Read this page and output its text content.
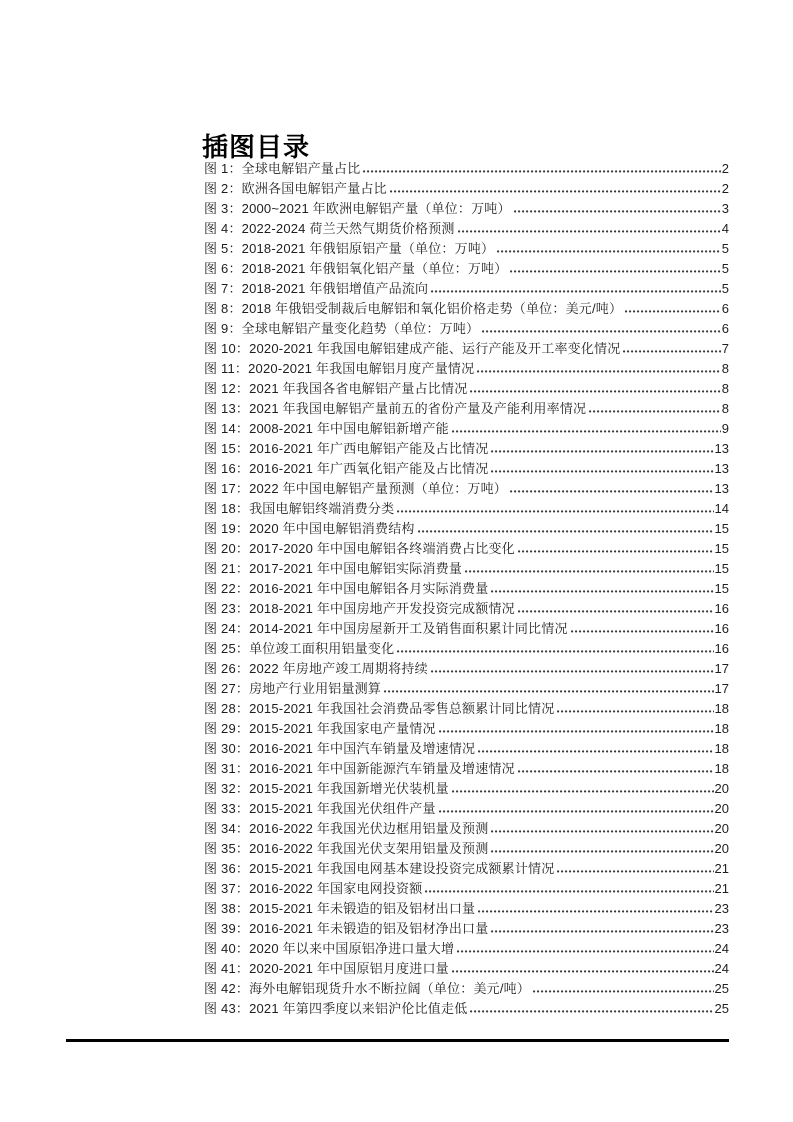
插图目录
图 1：全球电解铝产量占比	2
图 2：欧洲各国电解铝产量占比	2
图 3：2000~2021 年欧洲电解铝产量（单位：万吨）	3
图 4：2022-2024 荷兰天然气期货价格预测	4
图 5：2018-2021 年俄铝原铝产量（单位：万吨）	5
图 6：2018-2021 年俄铝氧化铝产量（单位：万吨）	5
图 7：2018-2021 年俄铝增值产品流向	5
图 8：2018 年俄铝受制裁后电解铝和氧化铝价格走势（单位：美元/吨）	6
图 9：全球电解铝产量变化趋势（单位：万吨）	6
图 10：2020-2021 年我国电解铝建成产能、运行产能及开工率变化情况	7
图 11：2020-2021 年我国电解铝月度产量情况	8
图 12：2021 年我国各省电解铝产量占比情况	8
图 13：2021 年我国电解铝产量前五的省份产量及产能利用率情况	8
图 14：2008-2021 年中国电解铝新增产能	9
图 15：2016-2021 年广西电解铝产能及占比情况	13
图 16：2016-2021 年广西氧化铝产能及占比情况	13
图 17：2022 年中国电解铝产量预测（单位：万吨）	13
图 18：我国电解铝终端消费分类	14
图 19：2020 年中国电解铝消费结构	15
图 20：2017-2020 年中国电解铝各终端消费占比变化	15
图 21：2017-2021 年中国电解铝实际消费量	15
图 22：2016-2021 年中国电解铝各月实际消费量	15
图 23：2018-2021 年中国房地产开发投资完成额情况	16
图 24：2014-2021 年中国房屋新开工及销售面积累计同比情况	16
图 25：单位竣工面积用铝量变化	16
图 26：2022 年房地产竣工周期将持续	17
图 27：房地产行业用铝量测算	17
图 28：2015-2021 年我国社会消费品零售总额累计同比情况	18
图 29：2015-2021 年我国家电产量情况	18
图 30：2016-2021 年中国汽车销量及增速情况	18
图 31：2016-2021 年中国新能源汽车销量及增速情况	18
图 32：2015-2021 年我国新增光伏装机量	20
图 33：2015-2021 年我国光伏组件产量	20
图 34：2016-2022 年我国光伏边框用铝量及预测	20
图 35：2016-2022 年我国光伏支架用铝量及预测	20
图 36：2015-2021 年我国电网基本建设投资完成额累计情况	21
图 37：2016-2022 年国家电网投资额	21
图 38：2015-2021 年未锻造的铝及铝材出口量	23
图 39：2016-2021 年未锻造的铝及铝材净出口量	23
图 40：2020 年以来中国原铝净进口量大增	24
图 41：2020-2021 年中国原铝月度进口量	24
图 42：海外电解铝现货升水不断拉阔（单位：美元/吨）	25
图 43：2021 年第四季度以来铝沪伦比值走低	25
